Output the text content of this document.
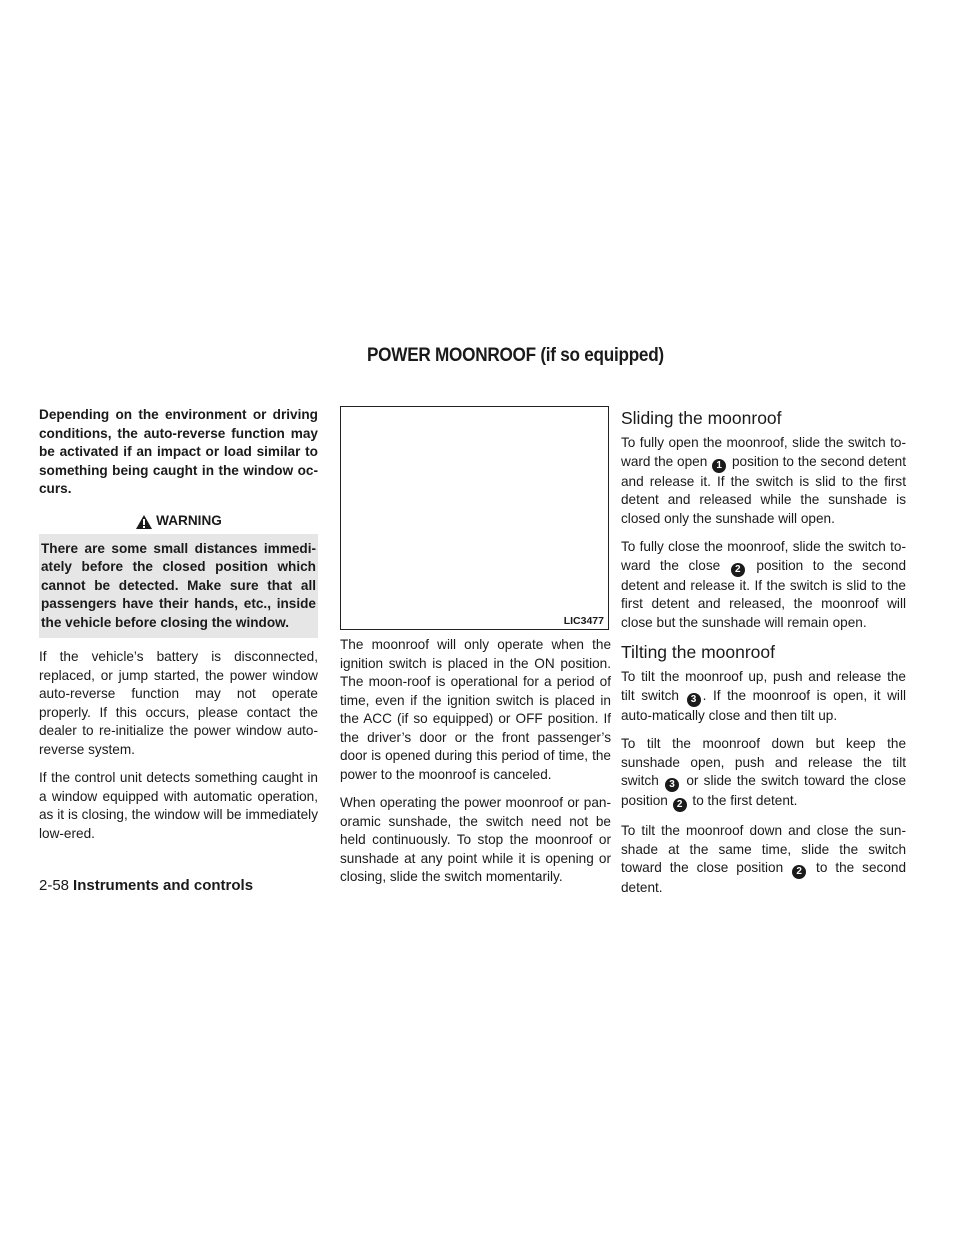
POWER MOONROOF (if so equipped)

Depending on the environment or driving conditions, the auto-reverse function may be activated if an impact or load similar to something being caught in the window oc-curs.

WARNING

There are some small distances immedi-ately before the closed position which cannot be detected. Make sure that all passengers have their hands, etc., inside the vehicle before closing the window.

If the vehicle’s battery is disconnected, replaced, or jump started, the power window auto-reverse function may not operate properly. If this occurs, please contact the dealer to re-initialize the power window auto-reverse system.

If the control unit detects something caught in a window equipped with automatic operation, as it is closing, the window will be immediately low-ered.

LIC3477

The moonroof will only operate when the ignition switch is placed in the ON position. The moon-roof is operational for a period of time, even if the ignition switch is placed in the ACC (if so equipped) or OFF position. If the driver’s door or the front passenger’s door is opened during this period of time, the power to the moonroof is canceled.

When operating the power moonroof or pan-oramic sunshade, the switch need not be held continuously. To stop the moonroof or sunshade at any point while it is opening or closing, slide the switch momentarily.

Sliding the moonroof

To fully open the moonroof, slide the switch to-ward the open 1 position to the second detent and release it. If the switch is slid to the first detent and released while the sunshade is closed only the sunshade will open.

To fully close the moonroof, slide the switch to-ward the close 2 position to the second detent and release it. If the switch is slid to the first detent and released, the moonroof will close but the sunshade will remain open.

Tilting the moonroof

To tilt the moonroof up, push and release the tilt switch 3 . If the moonroof is open, it will auto-matically close and then tilt up.

To tilt the moonroof down but keep the sunshade open, push and release the tilt switch 3 or slide the switch toward the close position 2 to the first detent.

To tilt the moonroof down and close the sun-shade at the same time, slide the switch toward the close position 2 to the second detent.

2-58 Instruments and controls
